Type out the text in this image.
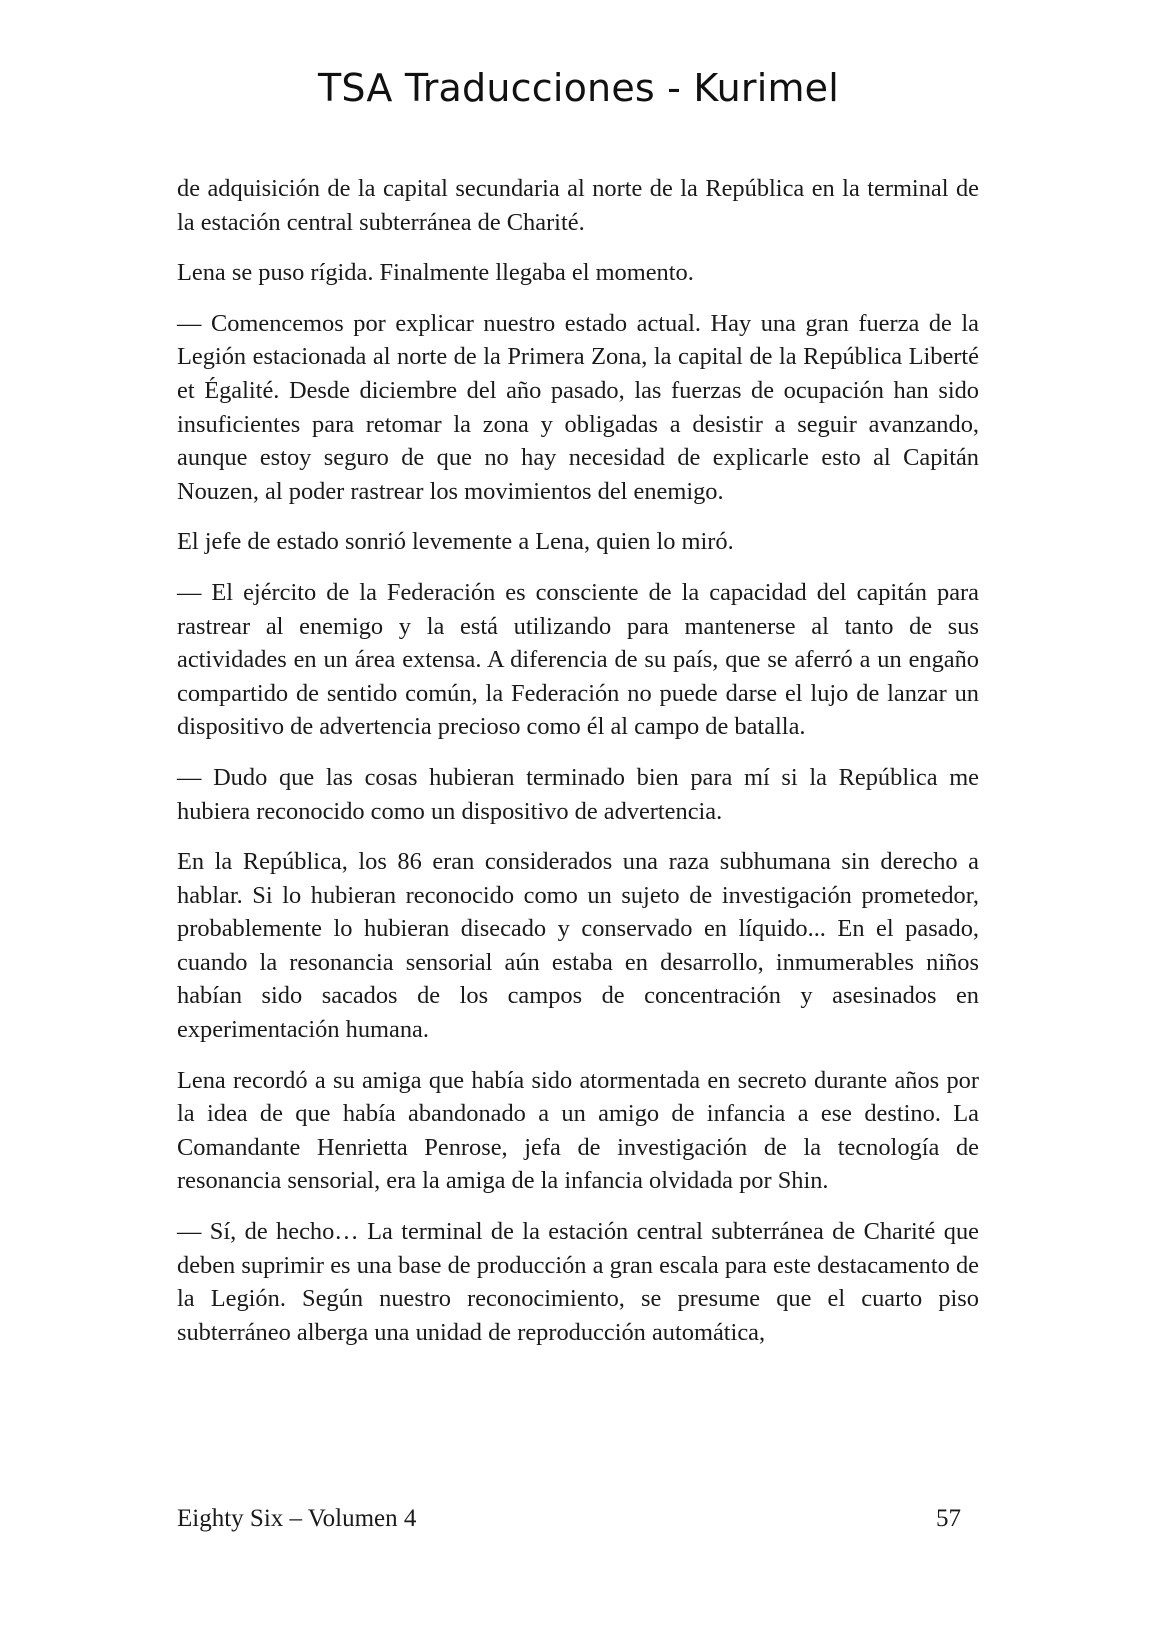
TSA Traducciones - Kurimel

de adquisición de la capital secundaria al norte de la República en la terminal de la estación central subterránea de Charité.

Lena se puso rígida. Finalmente llegaba el momento.

— Comencemos por explicar nuestro estado actual. Hay una gran fuerza de la Legión estacionada al norte de la Primera Zona, la capital de la República Liberté et Égalité. Desde diciembre del año pasado, las fuerzas de ocupación han sido insuficientes para retomar la zona y obligadas a desistir a seguir avanzando, aunque estoy seguro de que no hay necesidad de explicarle esto al Capitán Nouzen, al poder rastrear los movimientos del enemigo.

El jefe de estado sonrió levemente a Lena, quien lo miró.

— El ejército de la Federación es consciente de la capacidad del capitán para rastrear al enemigo y la está utilizando para mantenerse al tanto de sus actividades en un área extensa. A diferencia de su país, que se aferró a un engaño compartido de sentido común, la Federación no puede darse el lujo de lanzar un dispositivo de advertencia precioso como él al campo de batalla.

— Dudo que las cosas hubieran terminado bien para mí si la República me hubiera reconocido como un dispositivo de advertencia.

En la República, los 86 eran considerados una raza subhumana sin derecho a hablar. Si lo hubieran reconocido como un sujeto de investigación prometedor, probablemente lo hubieran disecado y conservado en líquido... En el pasado, cuando la resonancia sensorial aún estaba en desarrollo, inmumerables niños habían sido sacados de los campos de concentración y asesinados en experimentación humana.

Lena recordó a su amiga que había sido atormentada en secreto durante años por la idea de que había abandonado a un amigo de infancia a ese destino. La Comandante Henrietta Penrose, jefa de investigación de la tecnología de resonancia sensorial, era la amiga de la infancia olvidada por Shin.

— Sí, de hecho… La terminal de la estación central subterránea de Charité que deben suprimir es una base de producción a gran escala para este destacamento de la Legión. Según nuestro reconocimiento, se presume que el cuarto piso subterráneo alberga una unidad de reproducción automática,

Eighty Six – Volumen 4	57
